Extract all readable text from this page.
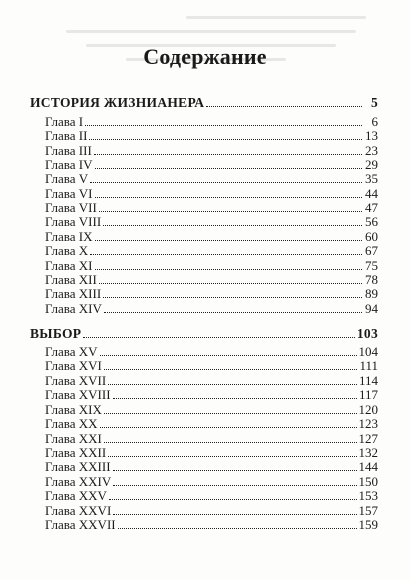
Содержание
ИСТОРИЯ ЖИЗНИАНЕРА	5
Глава I	6
Глава II	13
Глава III	23
Глава IV	29
Глава V	35
Глава VI	44
Глава VII	47
Глава VIII	56
Глава IX	60
Глава X	67
Глава XI	75
Глава XII	78
Глава XIII	89
Глава XIV	94
ВЫБОР	103
Глава XV	104
Глава XVI	111
Глава XVII	114
Глава XVIII	117
Глава XIX	120
Глава XX	123
Глава XXI	127
Глава XXII	132
Глава XXIII	144
Глава XXIV	150
Глава XXV	153
Глава XXVI	157
Глава XXVII	159
